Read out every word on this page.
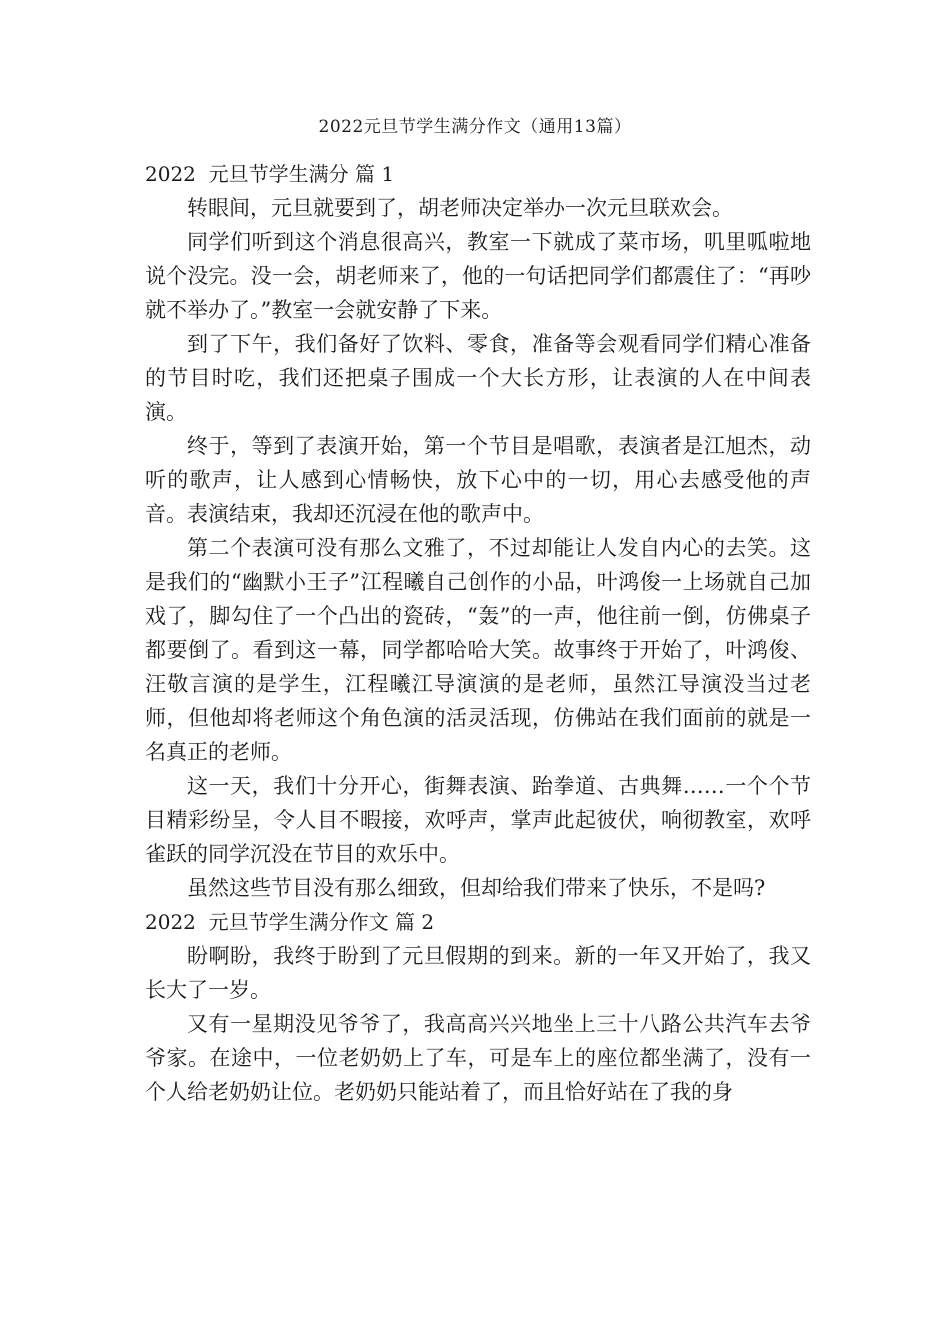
2022元旦节学生满分作文（通用13篇）

2022  元旦节学生满分 篇 1

转眼间，元旦就要到了，胡老师决定举办一次元旦联欢会。

同学们听到这个消息很高兴，教室一下就成了菜市场，叽里呱啦地说个没完。没一会，胡老师来了，他的一句话把同学们都震住了：“再吵就不举办了。”教室一会就安静了下来。

到了下午，我们备好了饮料、零食，准备等会观看同学们精心准备的节目时吃，我们还把桌子围成一个大长方形，让表演的人在中间表演。

终于，等到了表演开始，第一个节目是唱歌，表演者是江旭杰，动听的歌声，让人感到心情畅快，放下心中的一切，用心去感受他的声音。表演结束，我却还沉浸在他的歌声中。

第二个表演可没有那么文雅了，不过却能让人发自内心的去笑。这是我们的“幽默小王子”江程曦自己创作的小品，叶鸿俊一上场就自己加戏了，脚勾住了一个凸出的瓷砖，“轰”的一声，他往前一倒，仿佛桌子都要倒了。看到这一幕，同学都哈哈大笑。故事终于开始了，叶鸿俊、汪敬言演的是学生，江程曦江导演演的是老师，虽然江导演没当过老师，但他却将老师这个角色演的活灵活现，仿佛站在我们面前的就是一名真正的老师。

这一天，我们十分开心，街舞表演、跆拳道、古典舞……一个个节目精彩纷呈，令人目不暇接，欢呼声，掌声此起彼伏，响彻教室，欢呼雀跃的同学沉没在节目的欢乐中。

虽然这些节目没有那么细致，但却给我们带来了快乐，不是吗?

2022  元旦节学生满分作文 篇 2

盼啊盼，我终于盼到了元旦假期的到来。新的一年又开始了，我又长大了一岁。

又有一星期没见爷爷了，我高高兴兴地坐上三十八路公共汽车去爷爷家。在途中，一位老奶奶上了车，可是车上的座位都坐满了，没有一个人给老奶奶让位。老奶奶只能站着了，而且恰好站在了我的身
